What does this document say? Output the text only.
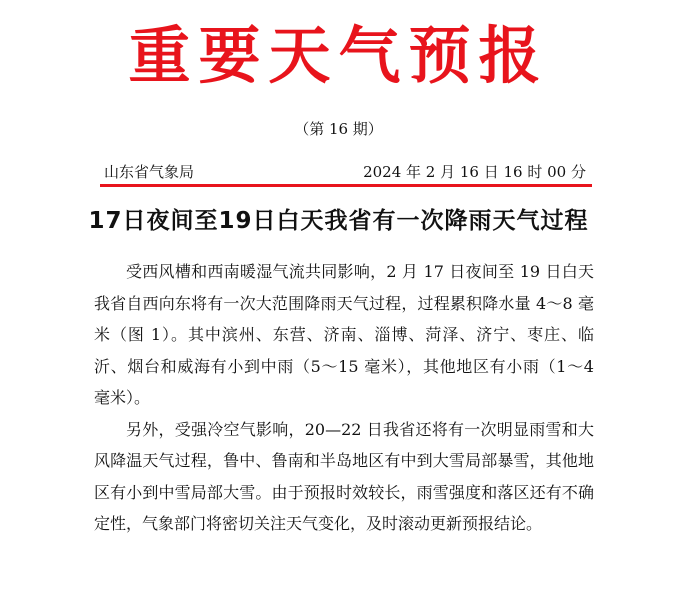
重要天气预报
（第 16 期）
山东省气象局	2024 年 2 月 16 日 16 时 00 分
17日夜间至19日白天我省有一次降雨天气过程

受西风槽和西南暖湿气流共同影响，2 月 17 日夜间至 19 日白天我省自西向东将有一次大范围降雨天气过程，过程累积降水量 4～8 毫米（图 1）。其中滨州、东营、济南、淄博、菏泽、济宁、枣庄、临沂、烟台和威海有小到中雨（5～15 毫米），其他地区有小雨（1～4 毫米）。

另外，受强冷空气影响，20—22 日我省还将有一次明显雨雪和大风降温天气过程，鲁中、鲁南和半岛地区有中到大雪局部暴雪，其他地区有小到中雪局部大雪。由于预报时效较长，雨雪强度和落区还有不确定性，气象部门将密切关注天气变化，及时滚动更新预报结论。
